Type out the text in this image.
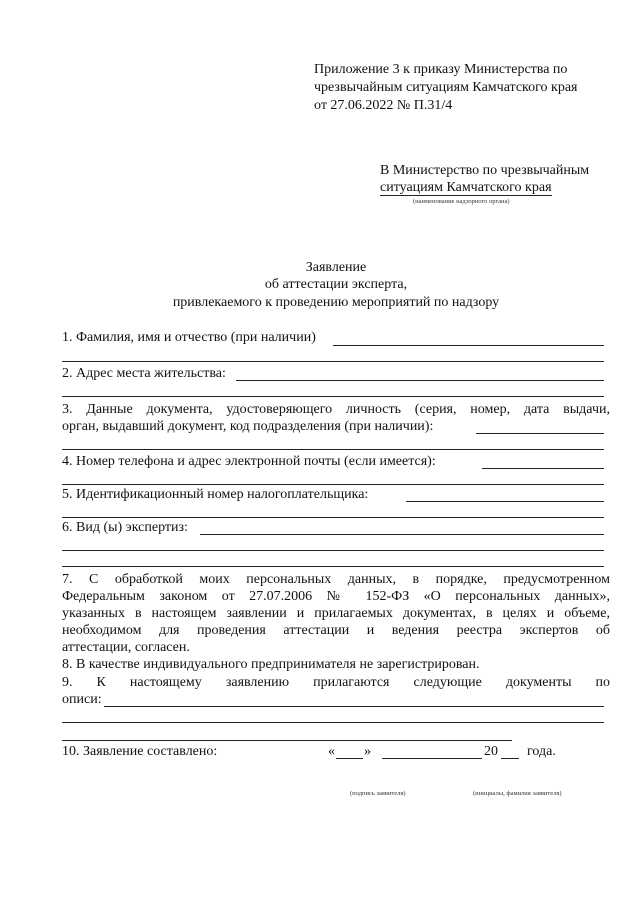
Приложение 3 к приказу Министерства по
чрезвычайным ситуациям Камчатского края
от 27.06.2022 № П.31/4
В Министерство по чрезвычайным
ситуациям Камчатского края
(наименование надзорного органа)
Заявление
об аттестации эксперта,
привлекаемого к проведению мероприятий по надзору
1. Фамилия, имя и отчество (при наличии)
2. Адрес места жительства:
3. Данные документа, удостоверяющего личность (серия, номер, дата выдачи,
орган, выдавший документ, код подразделения (при наличии):
4. Номер телефона и адрес электронной почты (если имеется):
5. Идентификационный номер налогоплательщика:
6. Вид (ы) экспертиз:
7. С обработкой моих персональных данных, в порядке, предусмотренном
Федеральным законом от 27.07.2006 № 152-ФЗ «О персональных данных»,
указанных в настоящем заявлении и прилагаемых документах, в целях и объеме,
необходимом для проведения аттестации и ведения реестра экспертов об
аттестации, согласен.
8. В качестве индивидуального предпринимателя не зарегистрирован.
9. К настоящему заявлению прилагаются следующие документы по
описи:
10. Заявление составлено:	« »	20 года.
(подпись заявителя)	(инициалы, фамилия заявителя)
